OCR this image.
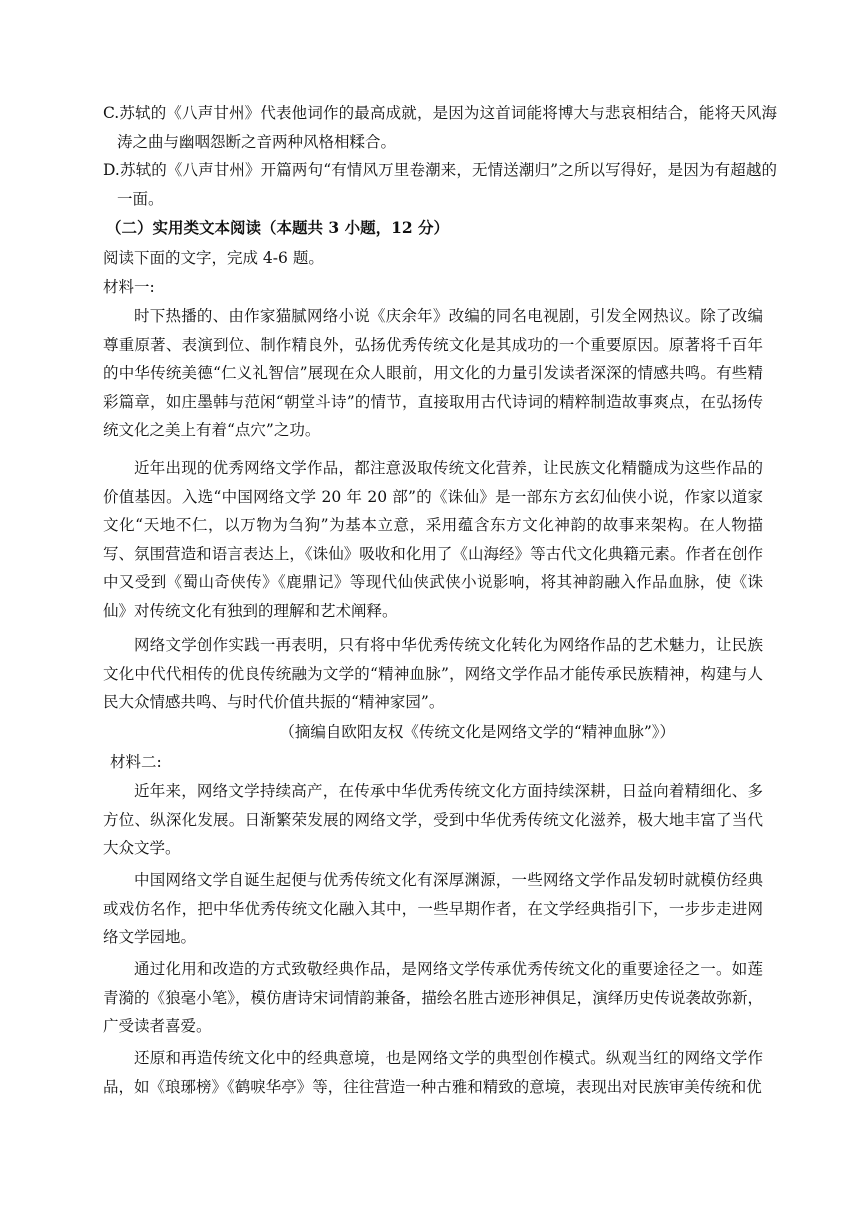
C.苏轼的《八声甘州》代表他词作的最高成就，是因为这首词能将博大与悲哀相结合，能将天风海涛之曲与幽咽怨断之音两种风格相糅合。

D.苏轼的《八声甘州》开篇两句“有情风万里卷潮来，无情送潮归”之所以写得好，是因为有超越的一面。

（二）实用类文本阅读（本题共 3 小题，12 分）

阅读下面的文字，完成 4-6 题。

材料一:

时下热播的、由作家猫腻网络小说《庆余年》改编的同名电视剧，引发全网热议。除了改编尊重原著、表演到位、制作精良外，弘扬优秀传统文化是其成功的一个重要原因。原著将千百年的中华传统美德“仁义礼智信”展现在众人眼前，用文化的力量引发读者深深的情感共鸣。有些精彩篇章，如庄墨韩与范闲“朝堂斗诗”的情节，直接取用古代诗词的精粹制造故事爽点，在弘扬传统文化之美上有着“点穴”之功。

近年出现的优秀网络文学作品，都注意汲取传统文化营养，让民族文化精髓成为这些作品的价值基因。入选“中国网络文学 20 年 20 部”的《诛仙》是一部东方玄幻仙侠小说，作家以道家文化“天地不仁，以万物为刍狗”为基本立意，采用蕴含东方文化神韵的故事来架构。在人物描写、氛围营造和语言表达上，《诛仙》吸收和化用了《山海经》等古代文化典籍元素。作者在创作中又受到《蜀山奇侠传》《鹿鼎记》等现代仙侠武侠小说影响，将其神韵融入作品血脉，使《诛仙》对传统文化有独到的理解和艺术阐释。

网络文学创作实践一再表明，只有将中华优秀传统文化转化为网络作品的艺术魅力，让民族文化中代代相传的优良传统融为文学的“精神血脉”，网络文学作品才能传承民族精神，构建与人民大众情感共鸣、与时代价值共振的“精神家园”。

（摘编自欧阳友权《传统文化是网络文学的“精神血脉”》）

材料二:

近年来，网络文学持续高产，在传承中华优秀传统文化方面持续深耕，日益向着精细化、多方位、纵深化发展。日渐繁荣发展的网络文学，受到中华优秀传统文化滋养，极大地丰富了当代大众文学。

中国网络文学自诞生起便与优秀传统文化有深厚渊源，一些网络文学作品发轫时就模仿经典或戏仿名作，把中华优秀传统文化融入其中，一些早期作者，在文学经典指引下，一步步走进网络文学园地。

通过化用和改造的方式致敬经典作品，是网络文学传承优秀传统文化的重要途径之一。如莲青漪的《狼毫小笔》，模仿唐诗宋词情韵兼备，描绘名胜古迹形神俱足，演绎历史传说袭故弥新，广受读者喜爱。

还原和再造传统文化中的经典意境，也是网络文学的典型创作模式。纵观当红的网络文学作品，如《琅琊榜》《鹤唳华亭》等，往往营造一种古雅和精致的意境，表现出对民族审美传统和优
